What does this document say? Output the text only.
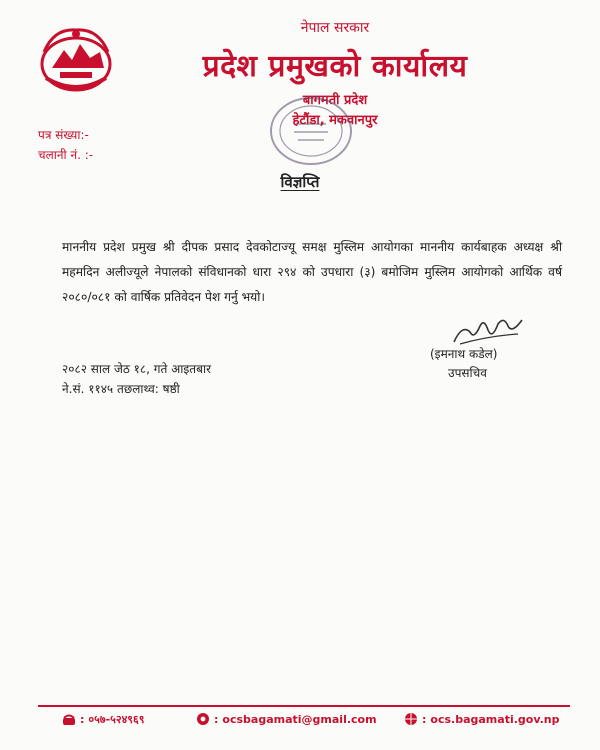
नेपाल सरकार
प्रदेश प्रमुखको कार्यालय
बागमती प्रदेश
हेटौंडा, मकवानपुर
पत्र संख्या:-
चलानी नं. :-
विज्ञप्ति
माननीय प्रदेश प्रमुख श्री दीपक प्रसाद देवकोटाज्यू समक्ष मुस्लिम आयोगका माननीय कार्यबाहक अध्यक्ष श्री महमदिन अलीज्यूले नेपालको संविधानको धारा २९४ को उपधारा (३) बमोजिम मुस्लिम आयोगको आर्थिक वर्ष २०८०/०८१ को वार्षिक प्रतिवेदन पेश गर्नु भयो।
(इमनाथ कडेल)
उपसचिव
२०८२ साल जेठ १८, गते आइतबार
ने.सं. ११४५ तछलाथ्व: षष्ठी
: ०५७-५२४९६९	: ocsbagamati@gmail.com	: ocs.bagamati.gov.np
